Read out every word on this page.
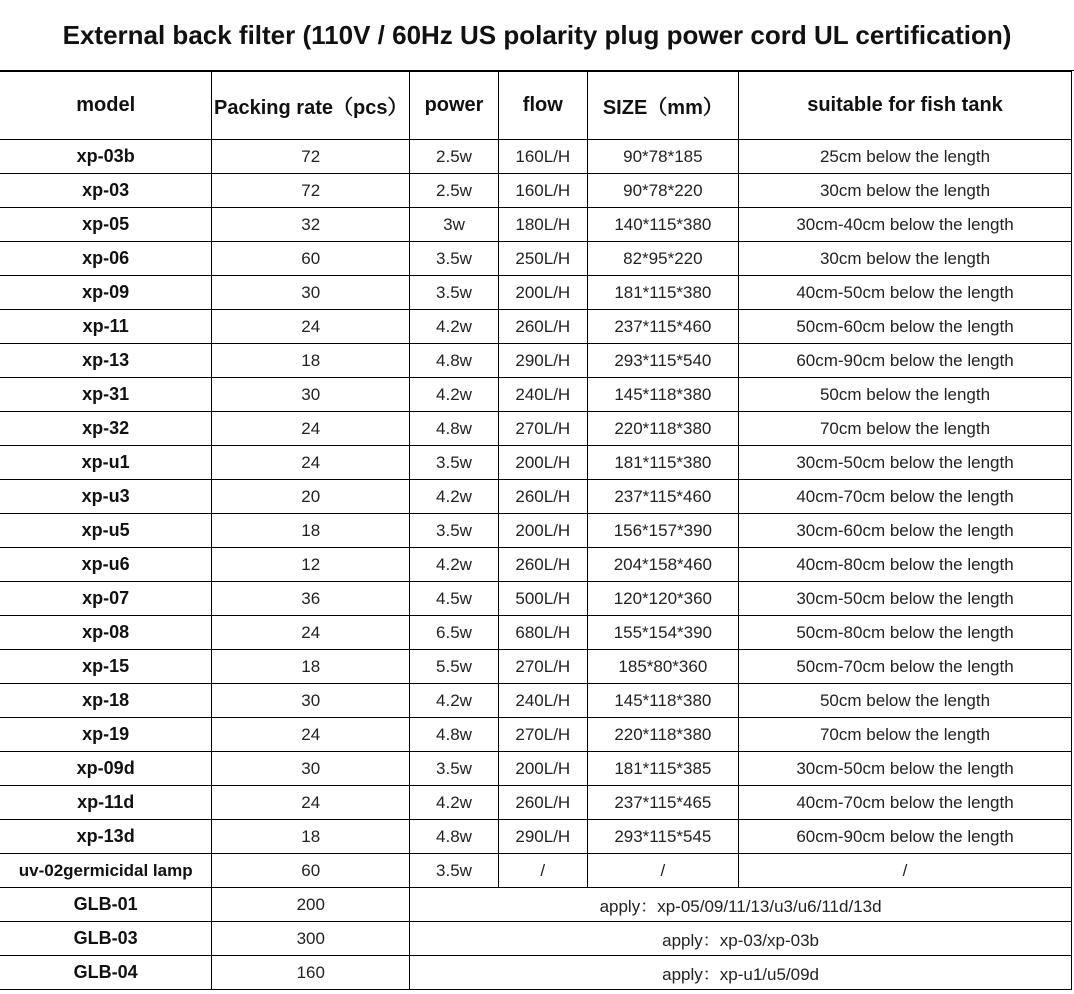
External back filter (110V / 60Hz US polarity plug power cord UL certification)
model	Packing rate（pcs）	power	flow	SIZE（mm）	suitable for fish tank
xp-03b	72	2.5w	160L/H	90*78*185	25cm below the length
xp-03	72	2.5w	160L/H	90*78*220	30cm below the length
xp-05	32	3w	180L/H	140*115*380	30cm-40cm below the length
xp-06	60	3.5w	250L/H	82*95*220	30cm below the length
xp-09	30	3.5w	200L/H	181*115*380	40cm-50cm below the length
xp-11	24	4.2w	260L/H	237*115*460	50cm-60cm below the length
xp-13	18	4.8w	290L/H	293*115*540	60cm-90cm below the length
xp-31	30	4.2w	240L/H	145*118*380	50cm below the length
xp-32	24	4.8w	270L/H	220*118*380	70cm below the length
xp-u1	24	3.5w	200L/H	181*115*380	30cm-50cm below the length
xp-u3	20	4.2w	260L/H	237*115*460	40cm-70cm below the length
xp-u5	18	3.5w	200L/H	156*157*390	30cm-60cm below the length
xp-u6	12	4.2w	260L/H	204*158*460	40cm-80cm below the length
xp-07	36	4.5w	500L/H	120*120*360	30cm-50cm below the length
xp-08	24	6.5w	680L/H	155*154*390	50cm-80cm below the length
xp-15	18	5.5w	270L/H	185*80*360	50cm-70cm below the length
xp-18	30	4.2w	240L/H	145*118*380	50cm below the length
xp-19	24	4.8w	270L/H	220*118*380	70cm below the length
xp-09d	30	3.5w	200L/H	181*115*385	30cm-50cm below the length
xp-11d	24	4.2w	260L/H	237*115*465	40cm-70cm below the length
xp-13d	18	4.8w	290L/H	293*115*545	60cm-90cm below the length
uv-02germicidal lamp	60	3.5w	/	/	/
GLB-01	200	apply：xp-05/09/11/13/u3/u6/11d/13d			
GLB-03	300	apply：xp-03/xp-03b			
GLB-04	160	apply：xp-u1/u5/09d			
